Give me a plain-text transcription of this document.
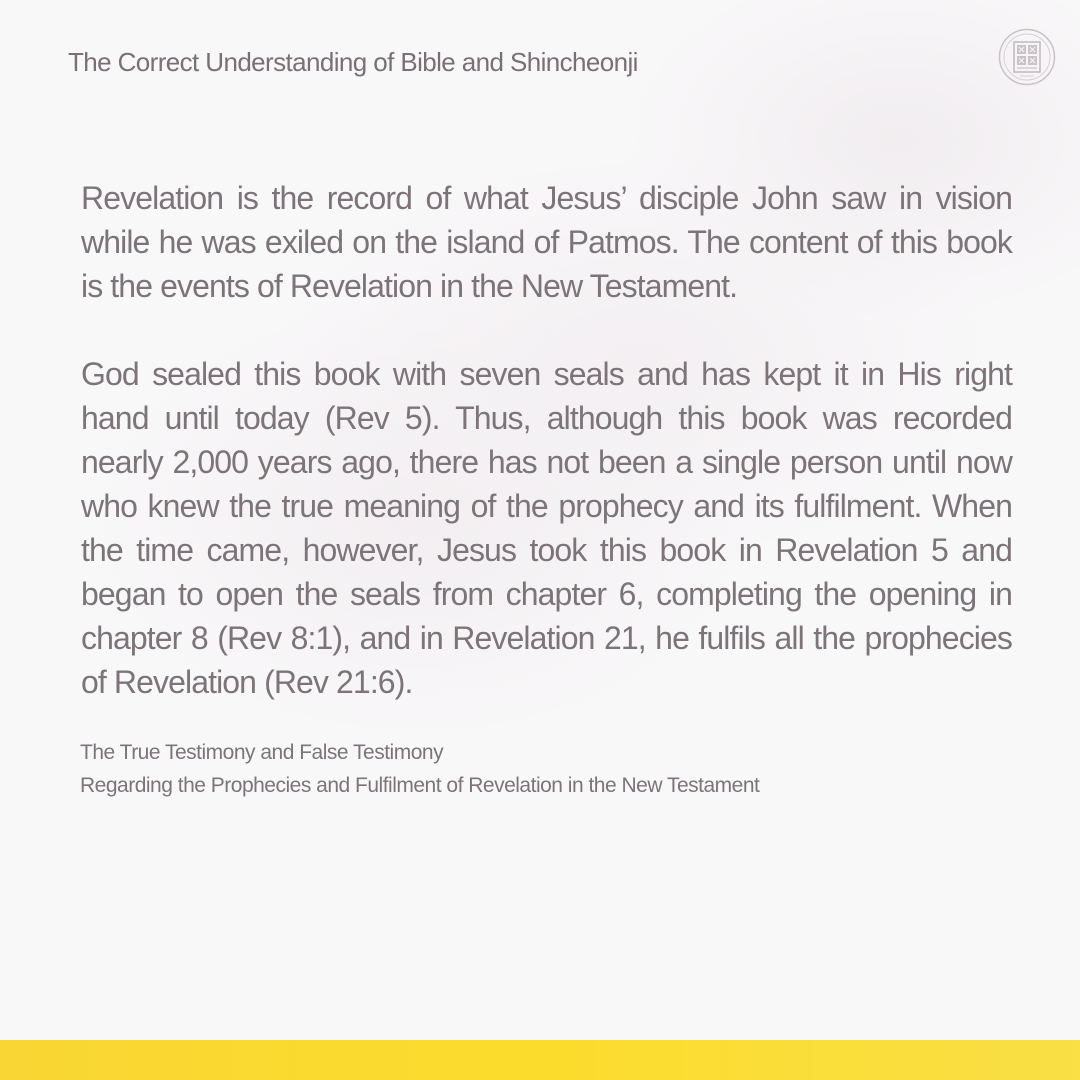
The Correct Understanding of Bible and Shincheonji

Revelation is the record of what Jesus’ disciple John saw in vision while he was exiled on the island of Patmos. The content of this book is the events of Revelation in the New Testament.

God sealed this book with seven seals and has kept it in His right hand until today (Rev 5). Thus, although this book was recorded nearly 2,000 years ago, there has not been a single person until now who knew the true meaning of the prophecy and its fulfilment. When the time came, however, Jesus took this book in Revelation 5 and began to open the seals from chapter 6, completing the opening in chapter 8 (Rev 8:1), and in Revelation 21, he fulfils all the prophecies of Revelation (Rev 21:6).

The True Testimony and False Testimony
Regarding the Prophecies and Fulfilment of Revelation in the New Testament
